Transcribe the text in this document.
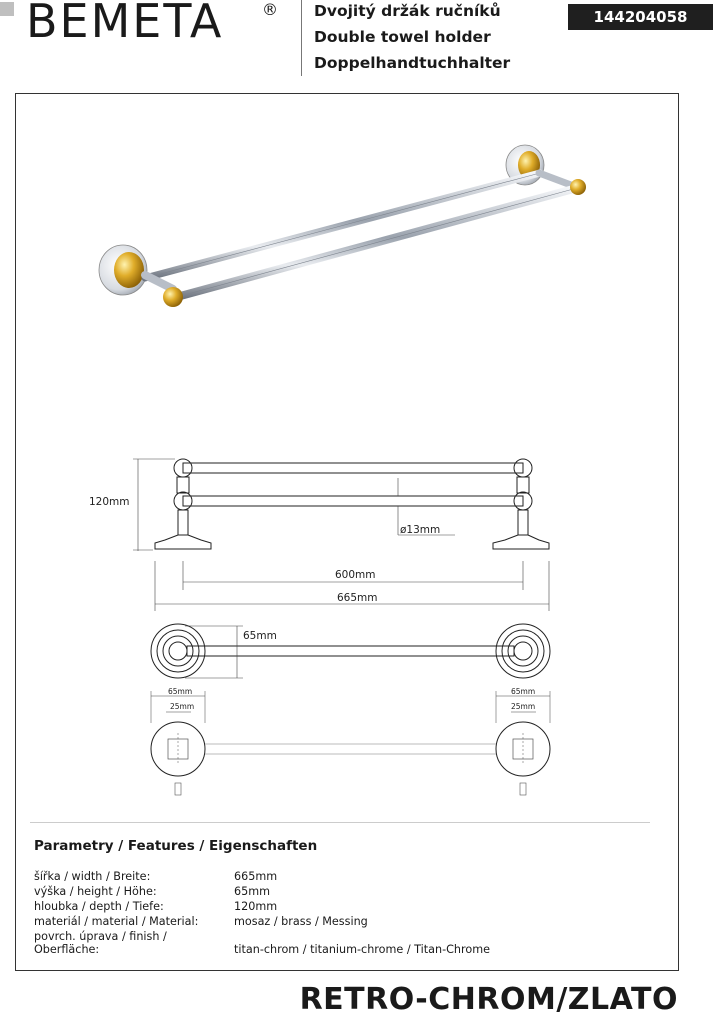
BEMETA ® Dvojitý držák ručníků
Double towel holder
Doppelhandtuchhalter
144204058
120mm
ø13mm
600mm
665mm
65mm
65mm
25mm
65mm
25mm
Parametry / Features / Eigenschaften
šířka / width / Breite:	665mm
výška / height / Höhe:	65mm
hloubka / depth / Tiefe:	120mm
materiál / material / Material:	mosaz / brass / Messing
povrch. úprava / finish / Oberfläche:	titan-chrom / titanium-chrome / Titan-Chrome
RETRO-CHROM/ZLATO
